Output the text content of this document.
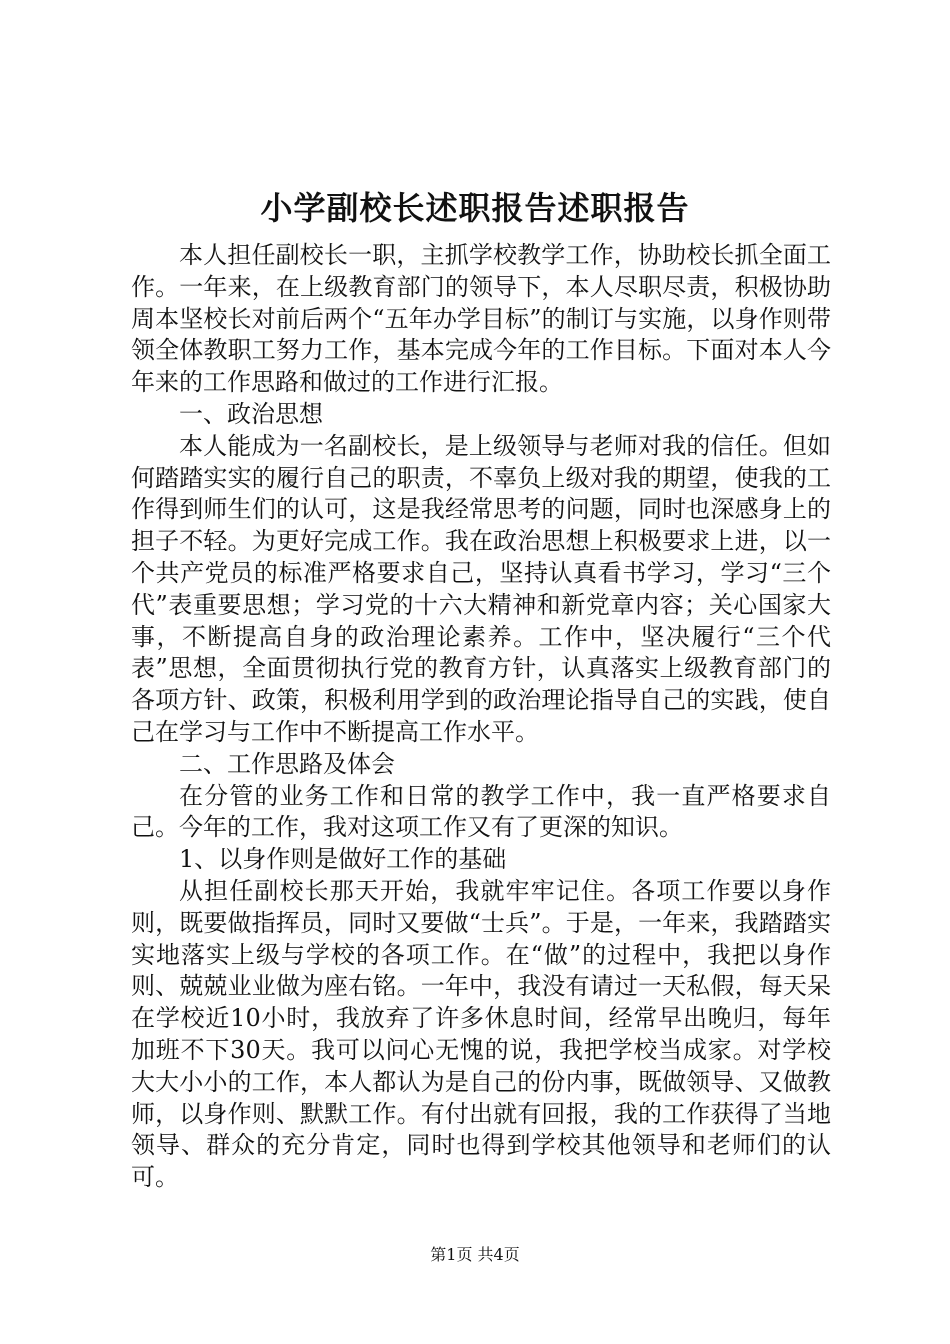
小学副校长述职报告述职报告

本人担任副校长一职，主抓学校教学工作，协助校长抓全面工作。一年来，在上级教育部门的领导下，本人尽职尽责，积极协助周本坚校长对前后两个“五年办学目标”的制订与实施，以身作则带领全体教职工努力工作，基本完成今年的工作目标。下面对本人今年来的工作思路和做过的工作进行汇报。

一、政治思想

本人能成为一名副校长，是上级领导与老师对我的信任。但如何踏踏实实的履行自己的职责，不辜负上级对我的期望，使我的工作得到师生们的认可，这是我经常思考的问题，同时也深感身上的担子不轻。为更好完成工作。我在政治思想上积极要求上进，以一个共产党员的标准严格要求自己，坚持认真看书学习，学习“三个代”表重要思想；学习党的十六大精神和新党章内容；关心国家大事，不断提高自身的政治理论素养。工作中，坚决履行“三个代表”思想，全面贯彻执行党的教育方针，认真落实上级教育部门的各项方针、政策，积极利用学到的政治理论指导自己的实践，使自己在学习与工作中不断提高工作水平。

二、工作思路及体会

在分管的业务工作和日常的教学工作中，我一直严格要求自己。今年的工作，我对这项工作又有了更深的知识。

1、以身作则是做好工作的基础

从担任副校长那天开始，我就牢牢记住。各项工作要以身作则，既要做指挥员，同时又要做“士兵”。于是，一年来，我踏踏实实地落实上级与学校的各项工作。在“做”的过程中，我把以身作则、兢兢业业做为座右铭。一年中，我没有请过一天私假，每天呆在学校近10小时，我放弃了许多休息时间，经常早出晚归，每年加班不下30天。我可以问心无愧的说，我把学校当成家。对学校大大小小的工作，本人都认为是自己的份内事，既做领导、又做教师，以身作则、默默工作。有付出就有回报，我的工作获得了当地领导、群众的充分肯定，同时也得到学校其他领导和老师们的认可。

第1页 共4页
